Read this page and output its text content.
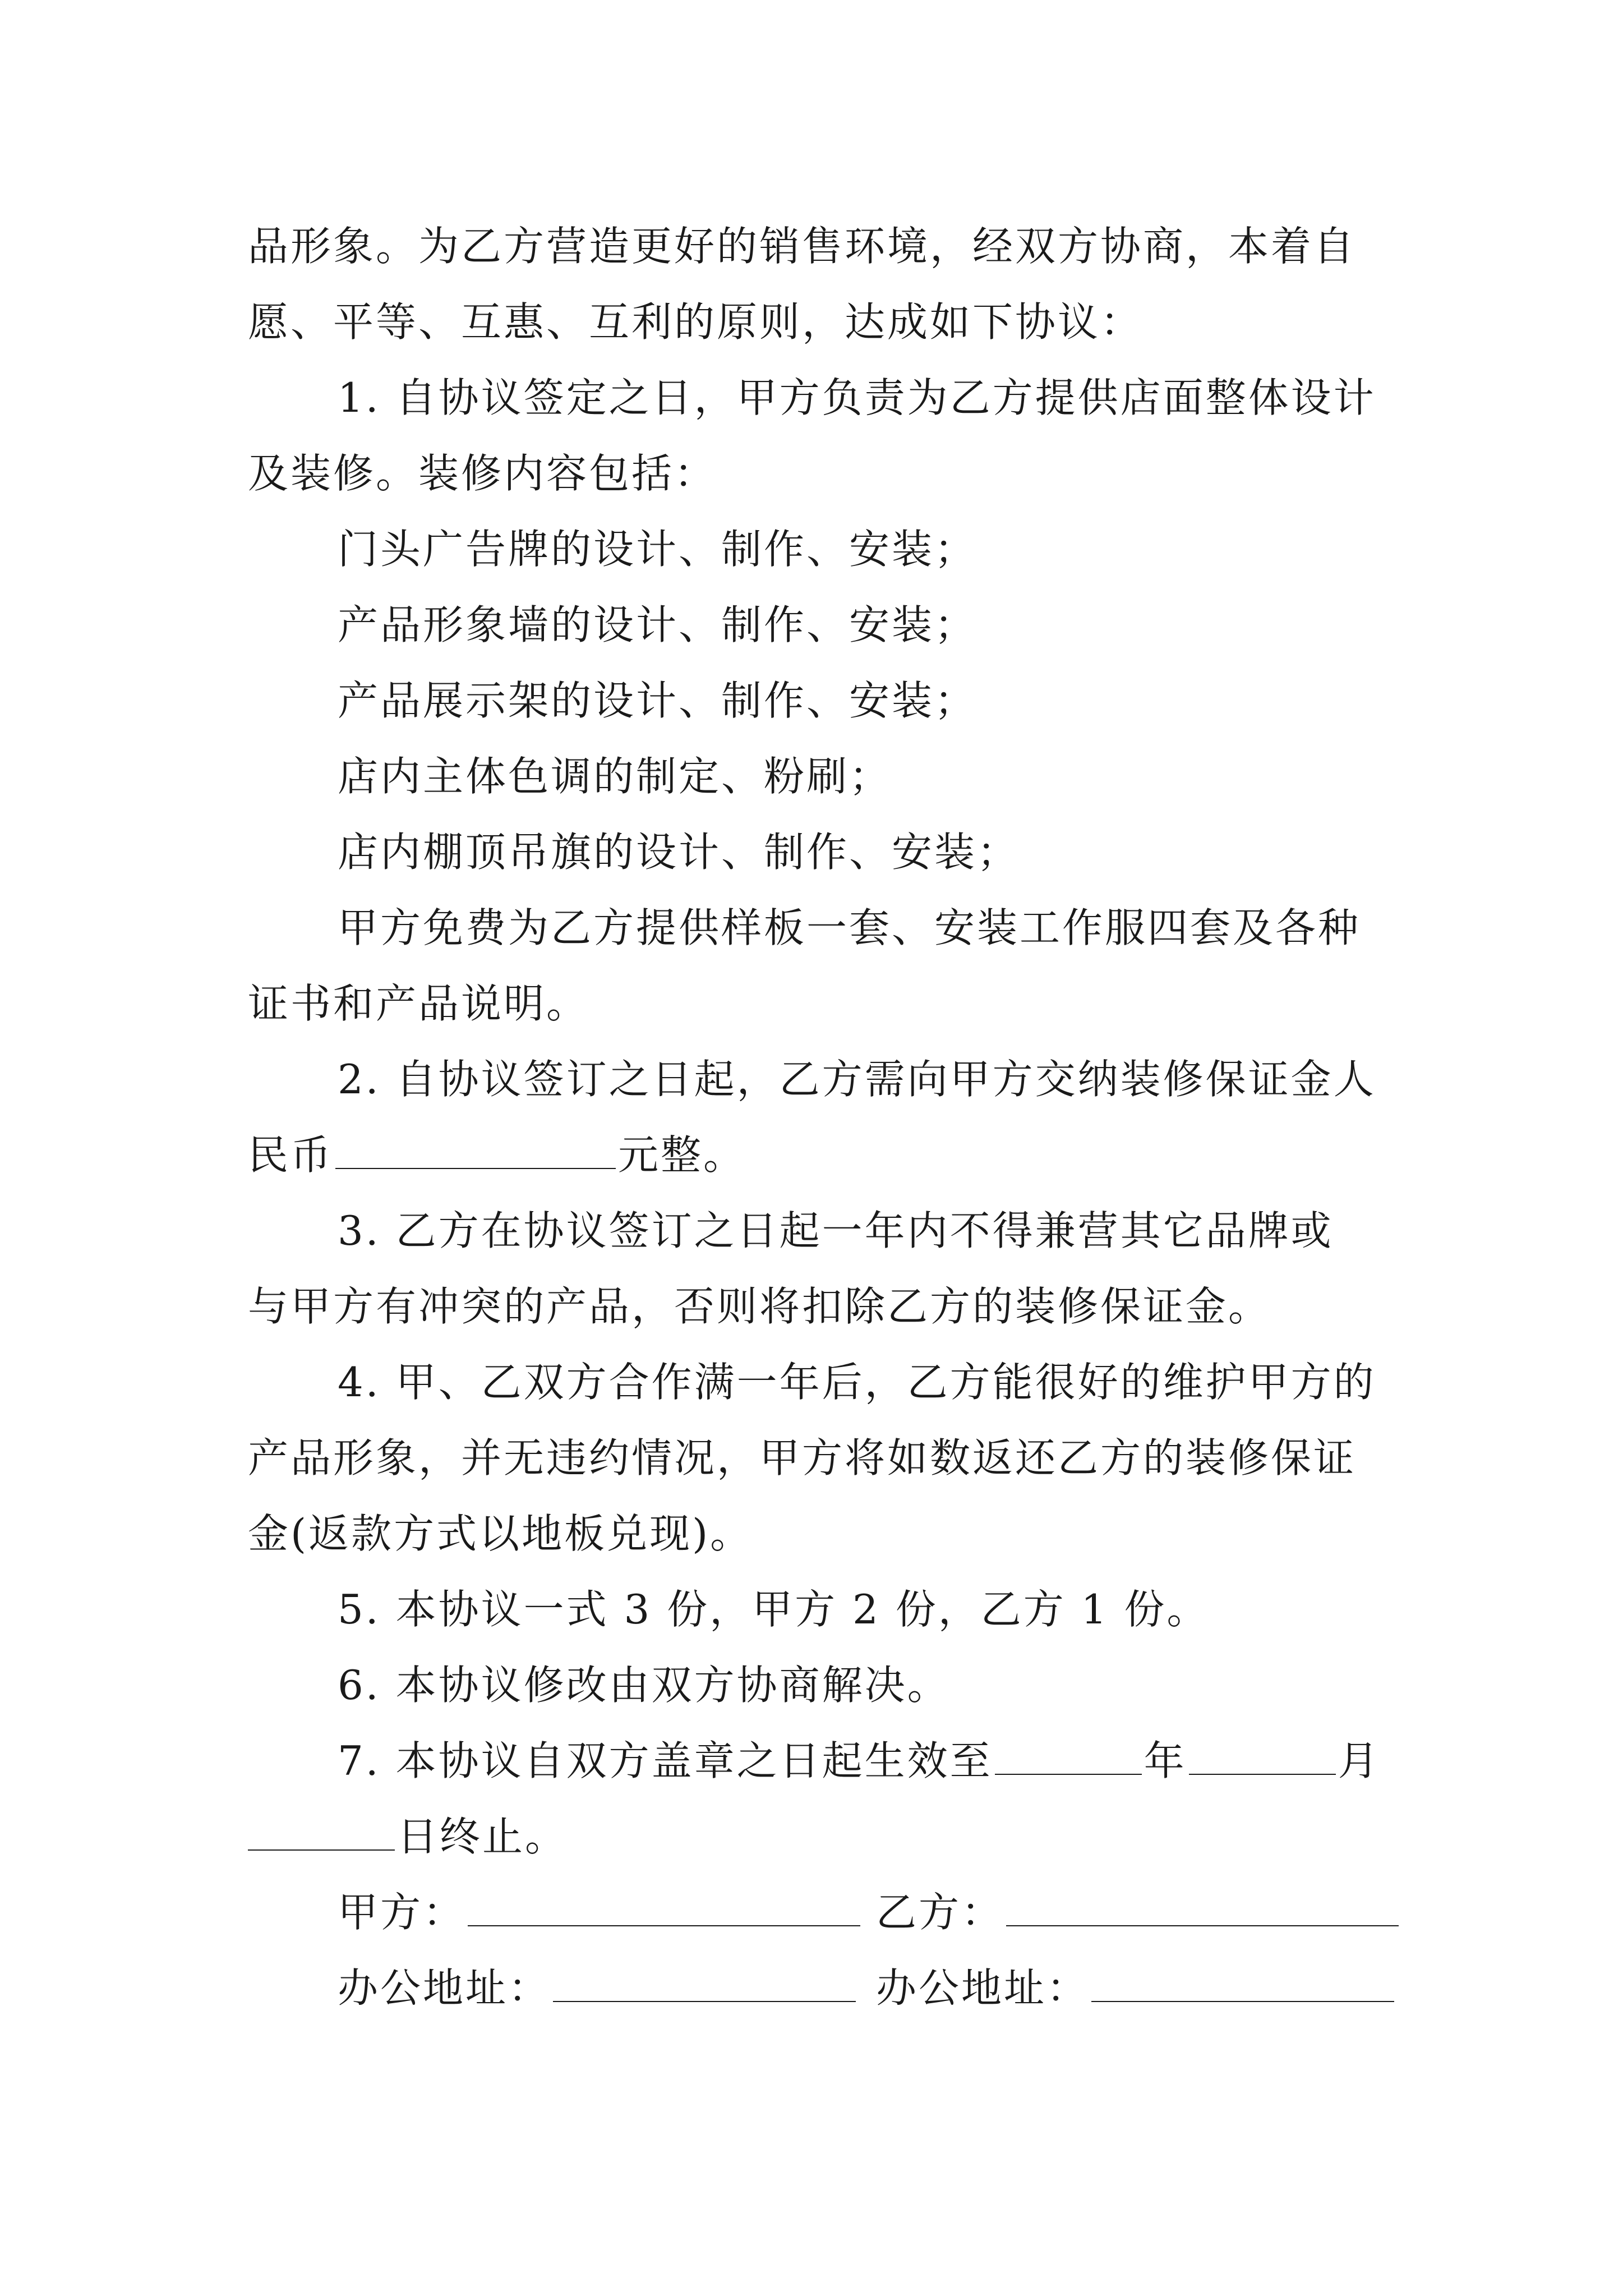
品形象。为乙方营造更好的销售环境，经双方协商，本着自
愿、平等、互惠、互利的原则，达成如下协议：
1. 自协议签定之日，甲方负责为乙方提供店面整体设计
及装修。装修内容包括：
门头广告牌的设计、制作、安装；
产品形象墙的设计、制作、安装；
产品展示架的设计、制作、安装；
店内主体色调的制定、粉刷；
店内棚顶吊旗的设计、制作、安装；
甲方免费为乙方提供样板一套、安装工作服四套及各种
证书和产品说明。
2. 自协议签订之日起，乙方需向甲方交纳装修保证金人
民币	元整。
3. 乙方在协议签订之日起一年内不得兼营其它品牌或
与甲方有冲突的产品，否则将扣除乙方的装修保证金。
4. 甲、乙双方合作满一年后，乙方能很好的维护甲方的
产品形象，并无违约情况，甲方将如数返还乙方的装修保证
金(返款方式以地板兑现)。
5. 本协议一式 3 份，甲方 2 份，乙方 1 份。
6. 本协议修改由双方协商解决。
7. 本协议自双方盖章之日起生效至	年	月
日终止。
甲方：	乙方：
办公地址：	办公地址：
